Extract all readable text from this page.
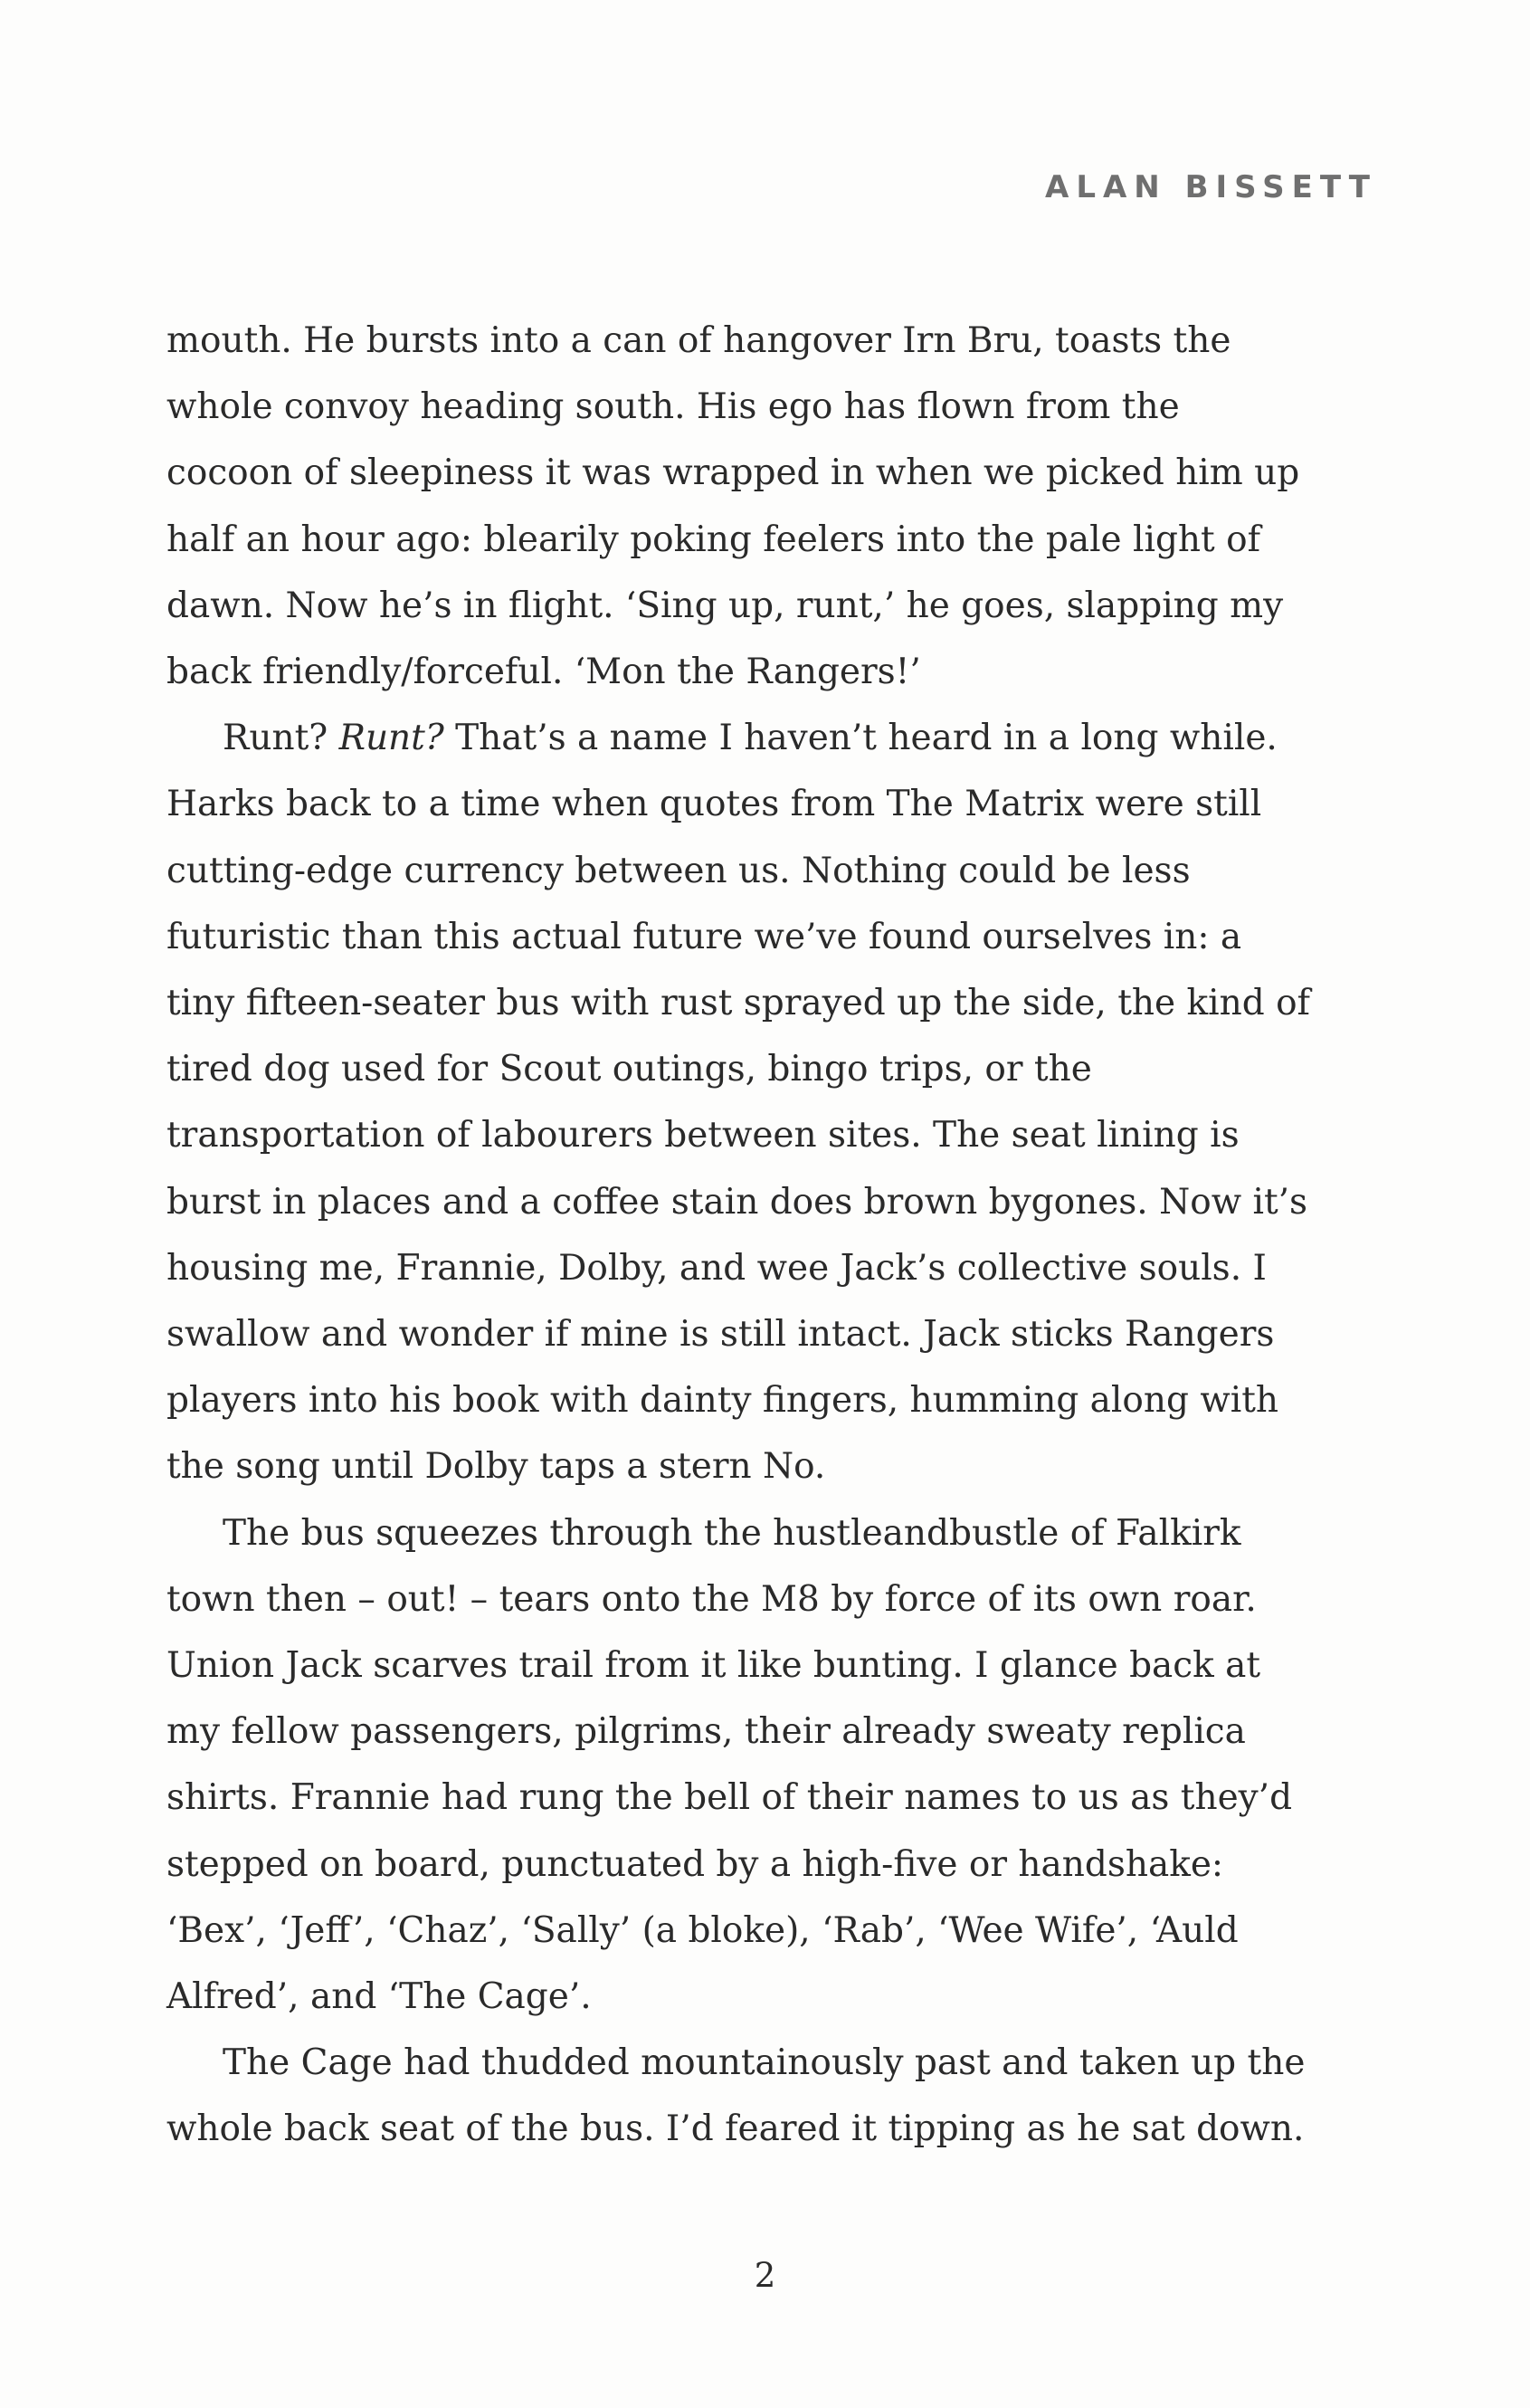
ALAN BISSETT

mouth. He bursts into a can of hangover Irn Bru, toasts the
whole convoy heading south. His ego has flown from the
cocoon of sleepiness it was wrapped in when we picked him up
half an hour ago: blearily poking feelers into the pale light of
dawn. Now he’s in flight. ‘Sing up, runt,’ he goes, slapping my
back friendly/forceful. ‘Mon the Rangers!’

Runt? Runt? That’s a name I haven’t heard in a long while.
Harks back to a time when quotes from The Matrix were still
cutting-edge currency between us. Nothing could be less
futuristic than this actual future we’ve found ourselves in: a
tiny fifteen-seater bus with rust sprayed up the side, the kind of
tired dog used for Scout outings, bingo trips, or the
transportation of labourers between sites. The seat lining is
burst in places and a coffee stain does brown bygones. Now it’s
housing me, Frannie, Dolby, and wee Jack’s collective souls. I
swallow and wonder if mine is still intact. Jack sticks Rangers
players into his book with dainty fingers, humming along with
the song until Dolby taps a stern No.

The bus squeezes through the hustleandbustle of Falkirk
town then – out! – tears onto the M8 by force of its own roar.
Union Jack scarves trail from it like bunting. I glance back at
my fellow passengers, pilgrims, their already sweaty replica
shirts. Frannie had rung the bell of their names to us as they’d
stepped on board, punctuated by a high-five or handshake:
‘Bex’, ‘Jeff’, ‘Chaz’, ‘Sally’ (a bloke), ‘Rab’, ‘Wee Wife’, ‘Auld
Alfred’, and ‘The Cage’.

The Cage had thudded mountainously past and taken up the
whole back seat of the bus. I’d feared it tipping as he sat down.

2
